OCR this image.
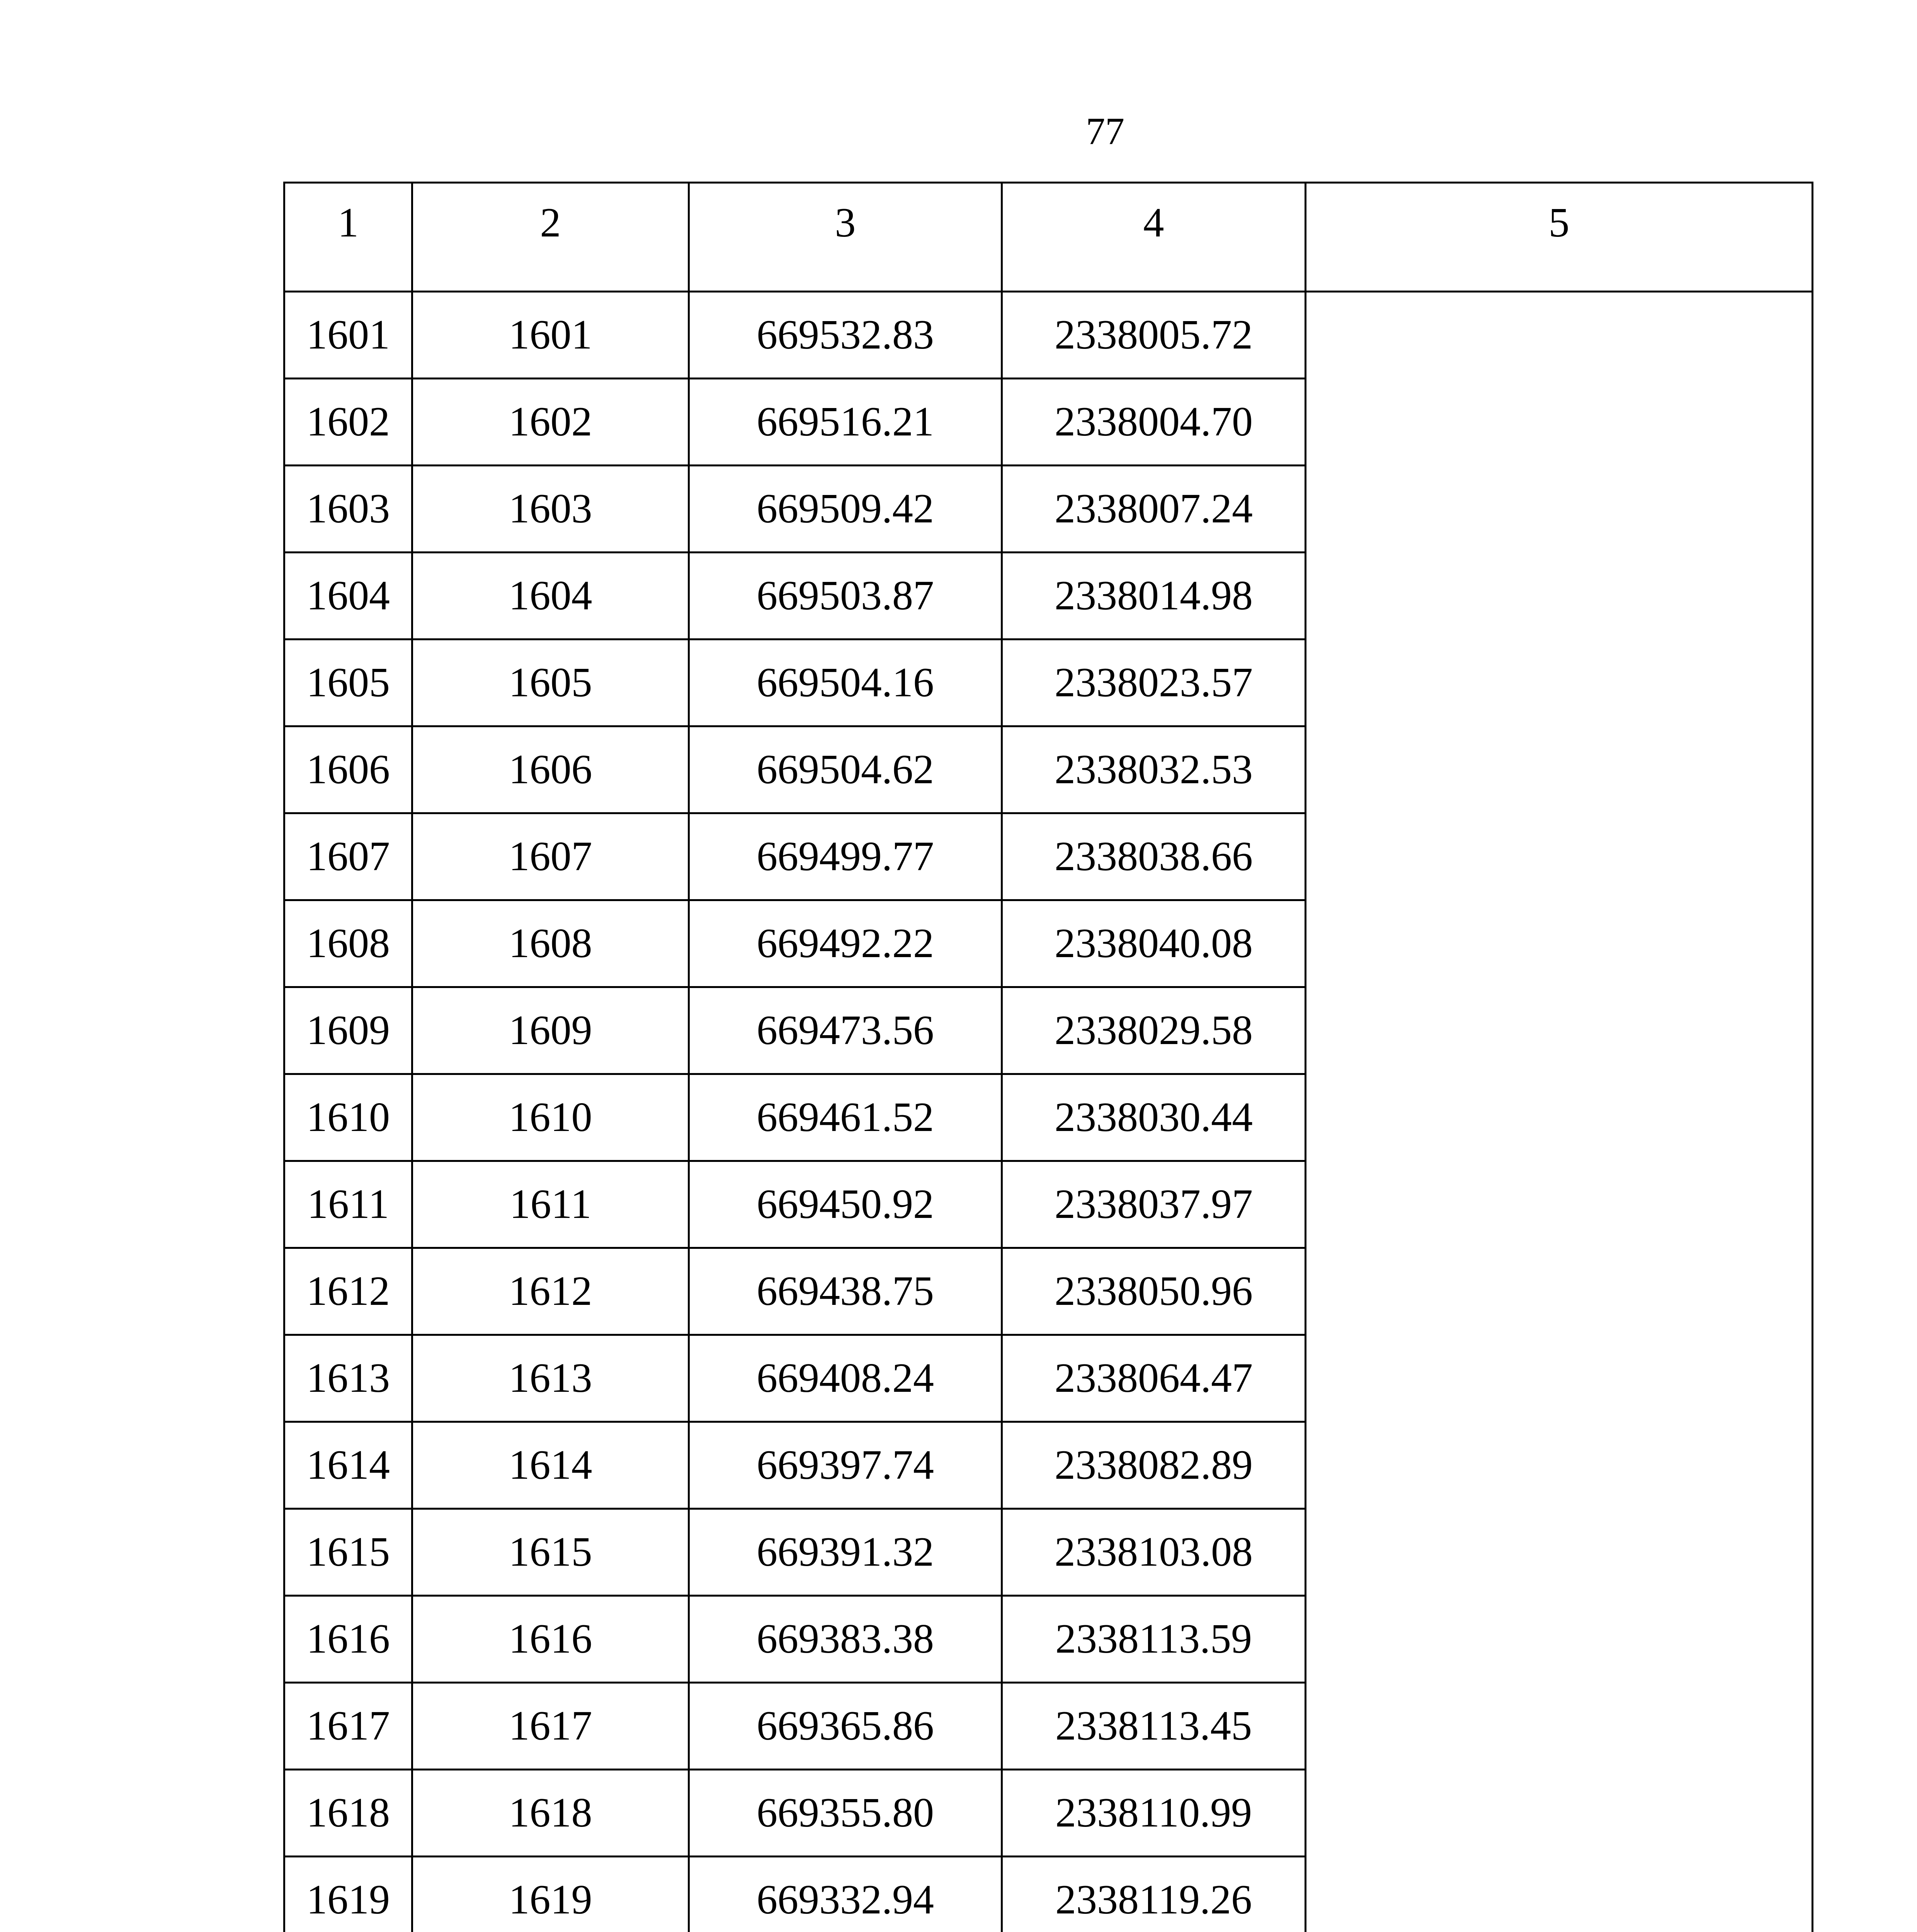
77
1	2	3	4	5
1601	1601	669532.83	2338005.72	
1602	1602	669516.21	2338004.70	
1603	1603	669509.42	2338007.24	
1604	1604	669503.87	2338014.98	
1605	1605	669504.16	2338023.57	
1606	1606	669504.62	2338032.53	
1607	1607	669499.77	2338038.66	
1608	1608	669492.22	2338040.08	
1609	1609	669473.56	2338029.58	
1610	1610	669461.52	2338030.44	
1611	1611	669450.92	2338037.97	
1612	1612	669438.75	2338050.96	
1613	1613	669408.24	2338064.47	
1614	1614	669397.74	2338082.89	
1615	1615	669391.32	2338103.08	
1616	1616	669383.38	2338113.59	
1617	1617	669365.86	2338113.45	
1618	1618	669355.80	2338110.99	
1619	1619	669332.94	2338119.26	
